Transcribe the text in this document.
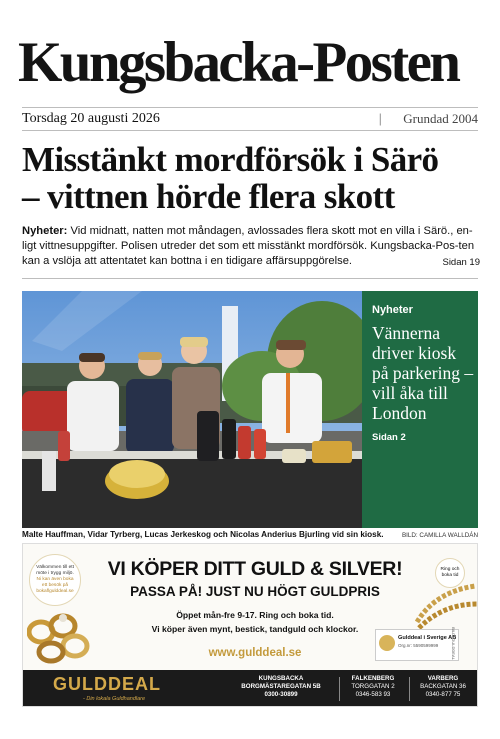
Kungsbacka-Posten
Torsdag 20 augusti 2026	| Grundad 2004
Misstänkt mordförsök i Särö
– vittnen hörde flera skott
Nyheter: Vid midnatt, natten mot måndagen, avlossades flera skott mot en villa i Särö., en-ligt vittnesuppgifter. Polisen utreder det som ett misstänkt mordförsök. Kungsbacka-Pos-ten kan a vslöja att attentatet kan bottna i en tidigare affärsuppgörelse.	Sidan 19
Nyheter
Vännerna driver kiosk på parkering – vill åka till London
Sidan 2
Malte Hauffman, Vidar Tyrberg, Lucas Jerkeskog och Nicolas Anderius Bjurling vid sin kiosk.	BILD: CAMILLA WALLDÁN
Välkommen till ett
möte i trygg miljö.
Ni kan även boka
ett besök på
bokaflgulddeal.se
VI KÖPER DITT GULD & SILVER!
PASSA PÅ! JUST NU HÖGT GULDPRIS
Öppet mån-fre 9-17. Ring och boka tid.
Vi köper även mynt, bestick, tandguld och klockor.
www.gulddeal.se
Ring och
boka tid
Gulddeal i Sverige AB
Org.nr: 5590599999	BILD: GULDDEAL
GULDDEAL
- Din lokala Guldhandlare
KUNGSBACKA
BORGMÄSTAREGATAN 5B
0300-30899
FALKENBERG
TORGGATAN 2
0346-583 93
VARBERG
BACKGATAN 36
0340-877 75
